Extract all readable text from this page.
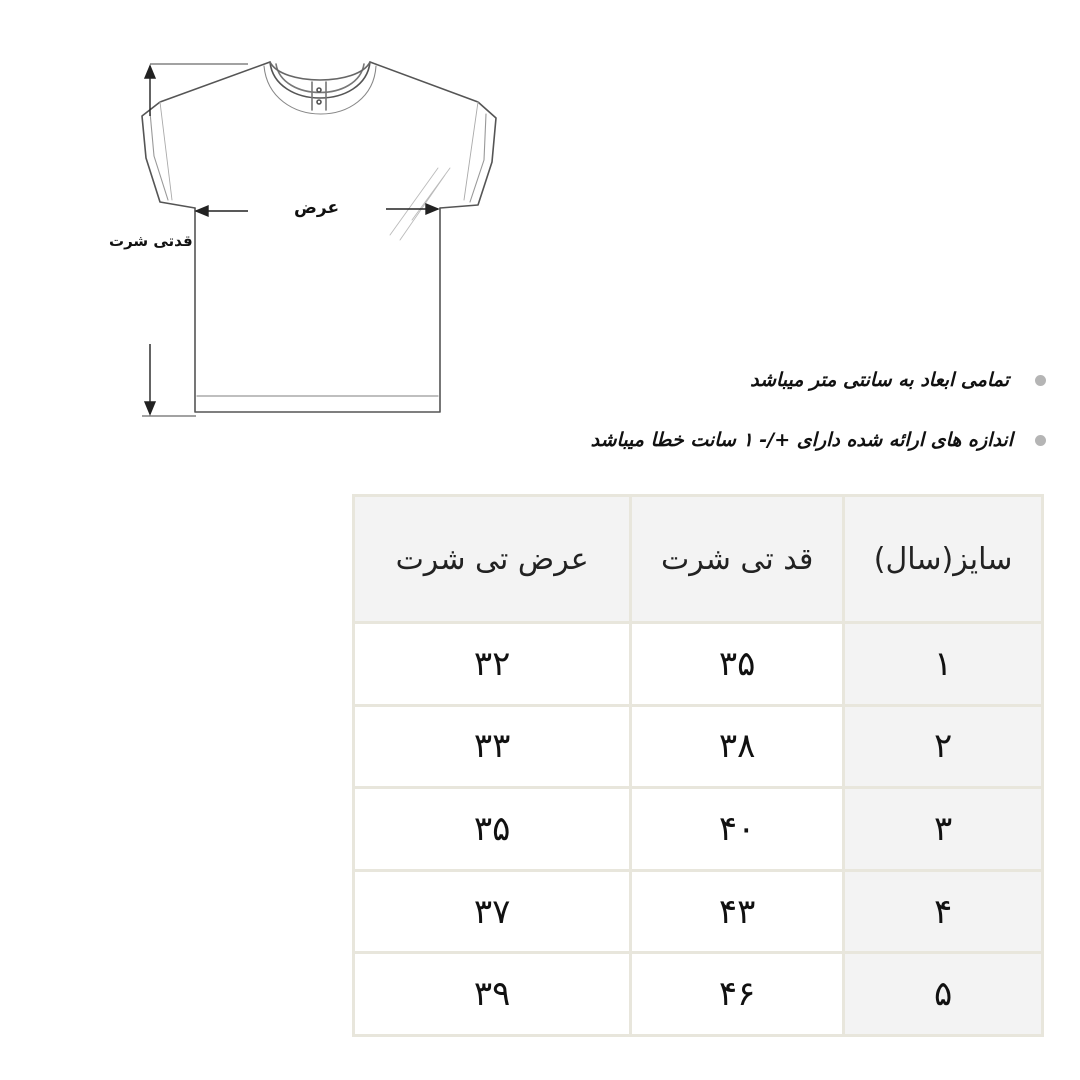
عرض
قدتی شرت
تمامی ابعاد به سانتی متر میباشد
اندازه های ارائه شده دارای +/- ۱ سانت خطا میباشد
سایز(سال)	قد تی شرت	عرض تی شرت
۱	۳۵	۳۲
۲	۳۸	۳۳
۳	۴۰	۳۵
۴	۴۳	۳۷
۵	۴۶	۳۹
